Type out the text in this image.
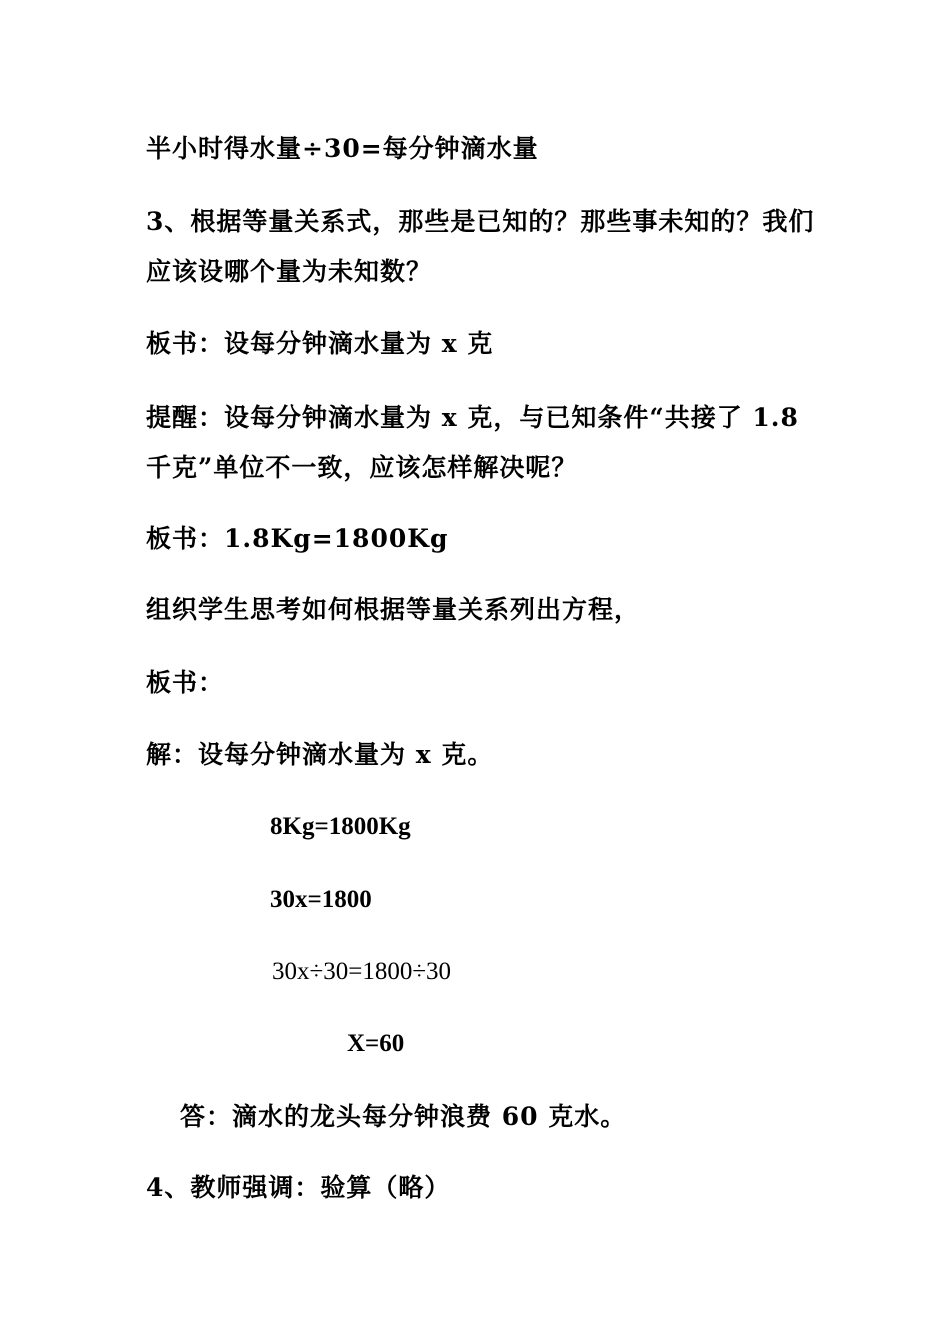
半小时得水量÷30=每分钟滴水量
3、根据等量关系式，那些是已知的？那些事未知的？我们应该设哪个量为未知数？
板书：设每分钟滴水量为 x 克
提醒：设每分钟滴水量为 x 克，与已知条件“共接了 1.8 千克”单位不一致，应该怎样解决呢？
板书：1.8Kg=1800Kg
组织学生思考如何根据等量关系列出方程，
板书：
解：设每分钟滴水量为 x 克。
8Kg=1800Kg
30x=1800
30x÷30=1800÷30
X=60
答：滴水的龙头每分钟浪费 60 克水。
4、教师强调：验算（略）
